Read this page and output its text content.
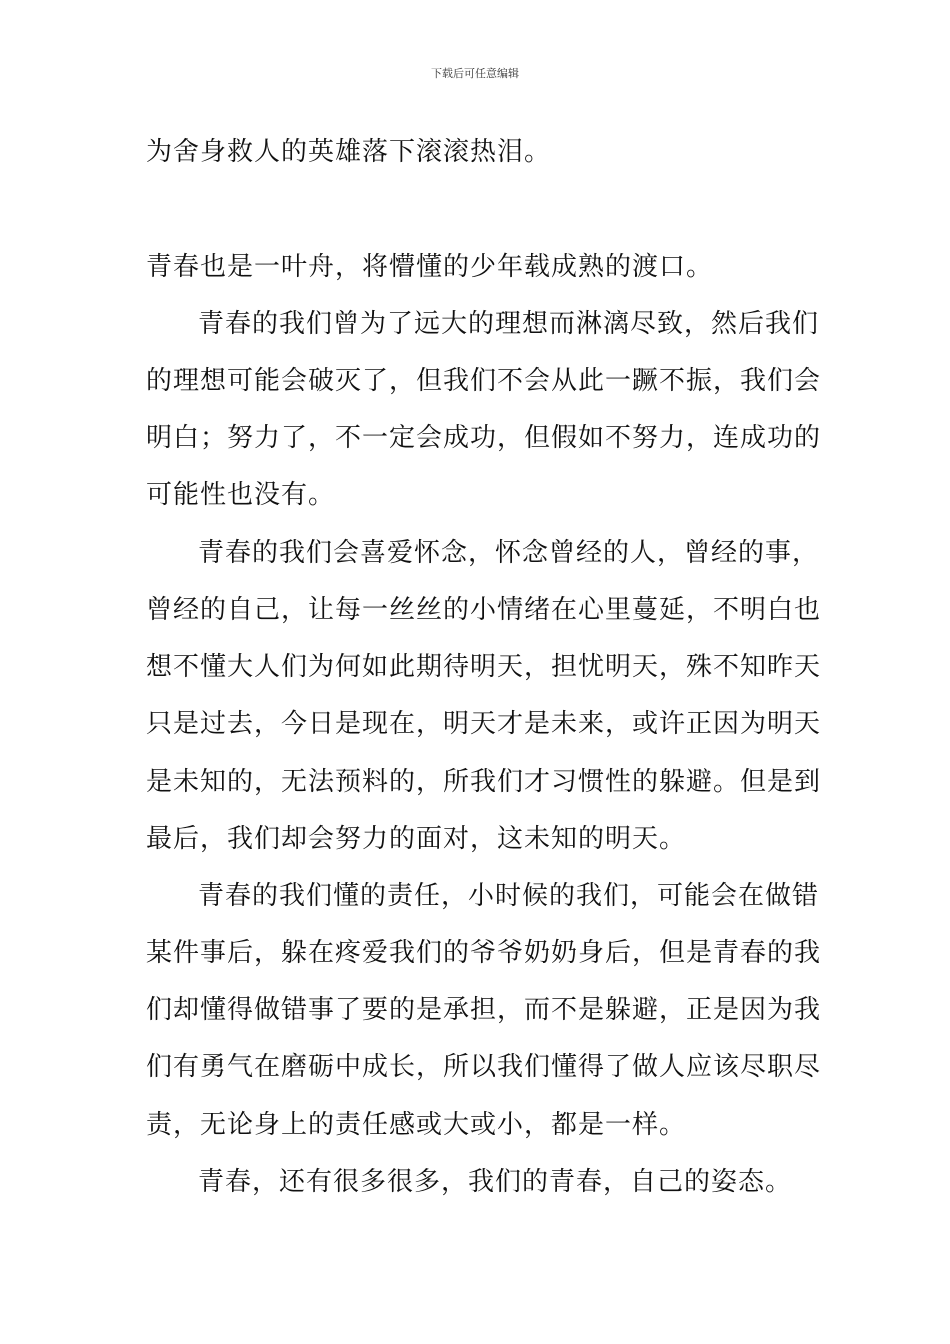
下载后可任意编辑
为舍身救人的英雄落下滚滚热泪。
青春也是一叶舟，将懵懂的少年载成熟的渡口。
青春的我们曾为了远大的理想而淋漓尽致，然后我们
的理想可能会破灭了，但我们不会从此一蹶不振，我们会
明白；努力了，不一定会成功，但假如不努力，连成功的
可能性也没有。
青春的我们会喜爱怀念，怀念曾经的人，曾经的事，
曾经的自己，让每一丝丝的小情绪在心里蔓延，不明白也
想不懂大人们为何如此期待明天，担忧明天，殊不知昨天
只是过去，今日是现在，明天才是未来，或许正因为明天
是未知的，无法预料的，所我们才习惯性的躲避。但是到
最后，我们却会努力的面对，这未知的明天。
青春的我们懂的责任，小时候的我们，可能会在做错
某件事后，躲在疼爱我们的爷爷奶奶身后，但是青春的我
们却懂得做错事了要的是承担，而不是躲避，正是因为我
们有勇气在磨砺中成长，所以我们懂得了做人应该尽职尽
责，无论身上的责任感或大或小，都是一样。
青春，还有很多很多，我们的青春，自己的姿态。
